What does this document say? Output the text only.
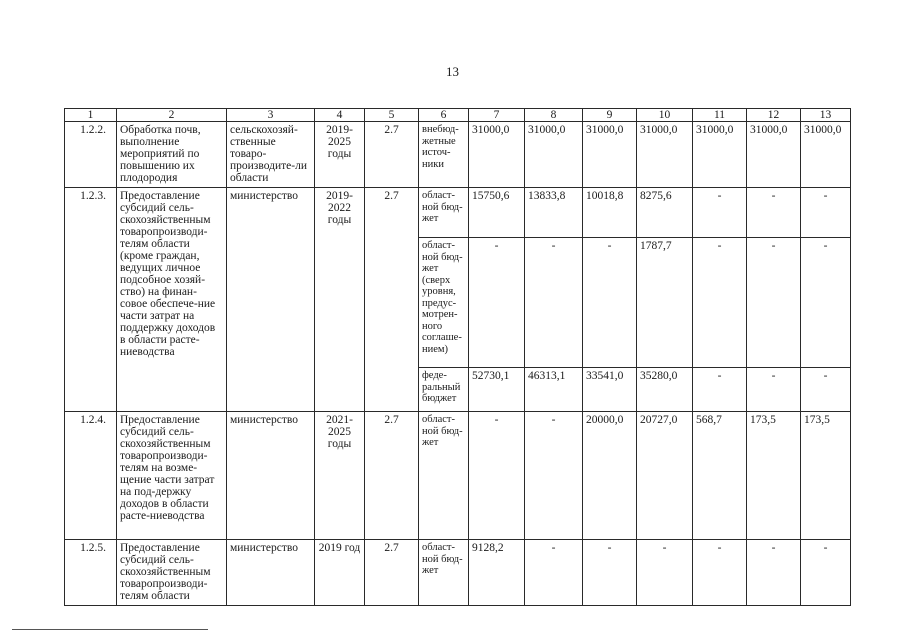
13
1	2	3	4	5	6	7	8	9	10	11	12	13
1.2.2.	Обработка почв, выполнение мероприятий по повышению их плодородия	сельскохозяй-ственные товаро-производите-ли области	2019-2025 годы	2.7	внебюд-жетные источ-ники	31000,0	31000,0	31000,0	31000,0	31000,0	31000,0	31000,0
1.2.3.	Предоставление субсидий сель-скохозяйственным товаропроизводи-телям области (кроме граждан, ведущих личное подсобное хозяй-ство) на финан-совое обеспече-ние части затрат на поддержку доходов в области расте-ниеводства	министерство	2019-2022 годы	2.7	област-ной бюд-жет	15750,6	13833,8	10018,8	8275,6	-	-	-
					област-ной бюд-жет (сверх уровня, предус-мотрен-ного соглаше-нием)	-	-	-	1787,7	-	-	-
					феде-ральный бюджет	52730,1	46313,1	33541,0	35280,0	-	-	-
1.2.4.	Предоставление субсидий сель-скохозяйственным товаропроизводи-телям на возме-щение части затрат на под-держку доходов в области расте-ниеводства	министерство	2021-2025 годы	2.7	област-ной бюд-жет	-	-	20000,0	20727,0	568,7	173,5	173,5
1.2.5.	Предоставление субсидий сель-скохозяйственным товаропроизводи-телям области	министерство	2019 год	2.7	област-ной бюд-жет	9128,2	-	-	-	-	-	-
